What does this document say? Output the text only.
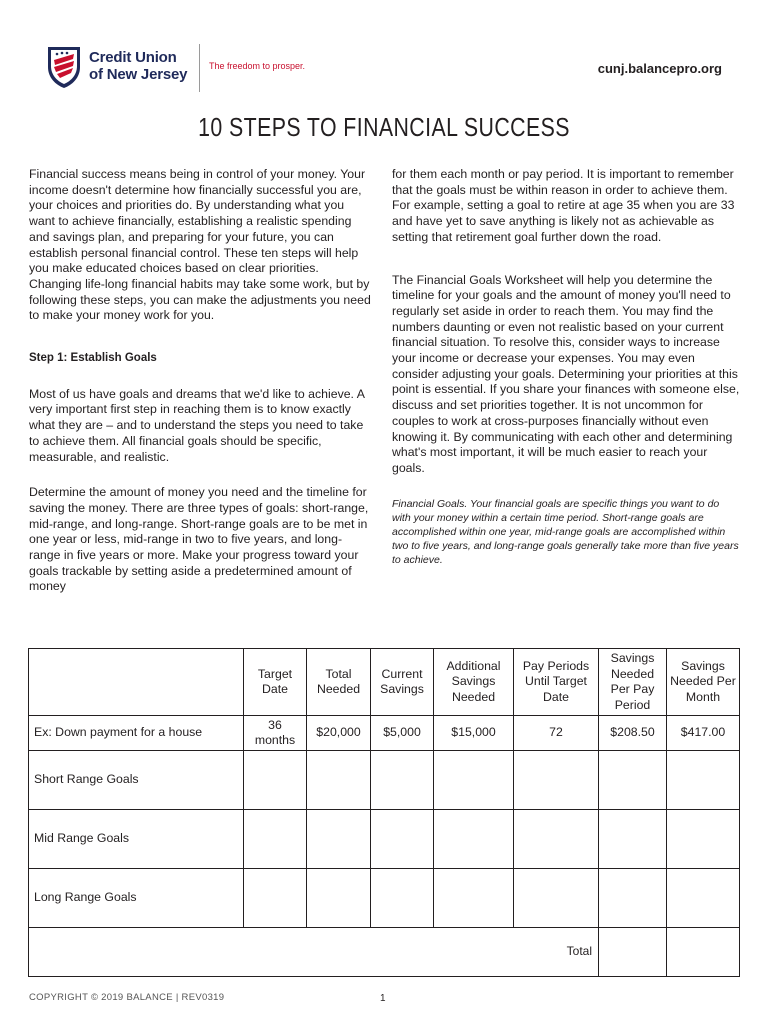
Credit Union
of New Jersey The freedom to prosper.	cunj.balancepro.org
10 STEPS TO FINANCIAL SUCCESS

Financial success means being in control of your money. Your income doesn't determine how financially successful you are, your choices and priorities do. By understanding what you want to achieve financially, establishing a realistic spending and savings plan, and preparing for your future, you can establish personal financial control. These ten steps will help you make educated choices based on clear priorities. Changing life-long financial habits may take some work, but by following these steps, you can make the adjustments you need to make your money work for you.

Step 1: Establish Goals

Most of us have goals and dreams that we'd like to achieve. A very important first step in reaching them is to know exactly what they are – and to understand the steps you need to take to achieve them. All financial goals should be specific, measurable, and realistic.

Determine the amount of money you need and the timeline for saving the money. There are three types of goals: short-range, mid-range, and long-range. Short-range goals are to be met in one year or less, mid-range in two to five years, and long-range in five years or more. Make your progress toward your goals trackable by setting aside a predetermined amount of money

for them each month or pay period. It is important to remember that the goals must be within reason in order to achieve them. For example, setting a goal to retire at age 35 when you are 33 and have yet to save anything is likely not as achievable as setting that retirement goal further down the road.

The Financial Goals Worksheet will help you determine the timeline for your goals and the amount of money you'll need to regularly set aside in order to reach them. You may find the numbers daunting or even not realistic based on your current financial situation. To resolve this, consider ways to increase your income or decrease your expenses. You may even consider adjusting your goals. Determining your priorities at this point is essential. If you share your finances with someone else, discuss and set priorities together. It is not uncommon for couples to work at cross-purposes financially without even knowing it. By communicating with each other and determining what's most important, it will be much easier to reach your goals.

Financial Goals. Your financial goals are specific things you want to do with your money within a certain time period. Short-range goals are accomplished within one year, mid-range goals are accomplished within two to five years, and long-range goals generally take more than five years to achieve.

	Target Date	Total Needed	Current Savings	Additional Savings Needed	Pay Periods Until Target Date	Savings Needed Per Pay Period	Savings Needed Per Month
Ex: Down payment for a house	36 months	$20,000	$5,000	$15,000	72	$208.50	$417.00
Short Range Goals							
Mid Range Goals							
Long Range Goals							
Total							
COPYRIGHT © 2019 BALANCE | REV0319	1
